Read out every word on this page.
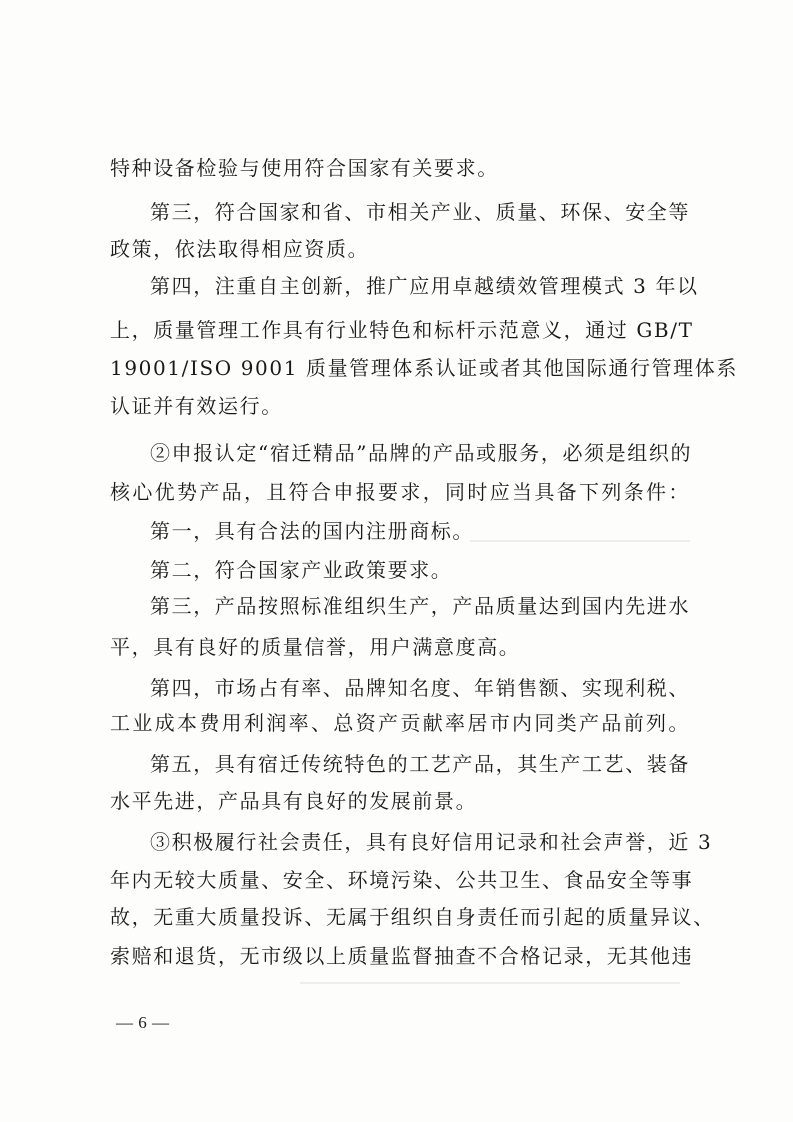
特种设备检验与使用符合国家有关要求。
第三，符合国家和省、市相关产业、质量、环保、安全等
政策，依法取得相应资质。
第四，注重自主创新，推广应用卓越绩效管理模式 3 年以
上，质量管理工作具有行业特色和标杆示范意义，通过 GB/T
19001/ISO 9001 质量管理体系认证或者其他国际通行管理体系
认证并有效运行。
②申报认定“宿迁精品”品牌的产品或服务，必须是组织的
核心优势产品，且符合申报要求，同时应当具备下列条件：
第一，具有合法的国内注册商标。
第二，符合国家产业政策要求。
第三，产品按照标准组织生产，产品质量达到国内先进水
平，具有良好的质量信誉，用户满意度高。
第四，市场占有率、品牌知名度、年销售额、实现利税、
工业成本费用利润率、总资产贡献率居市内同类产品前列。
第五，具有宿迁传统特色的工艺产品，其生产工艺、装备
水平先进，产品具有良好的发展前景。
③积极履行社会责任，具有良好信用记录和社会声誉，近 3
年内无较大质量、安全、环境污染、公共卫生、食品安全等事
故，无重大质量投诉、无属于组织自身责任而引起的质量异议、
索赔和退货，无市级以上质量监督抽查不合格记录，无其他违
— 6 —
